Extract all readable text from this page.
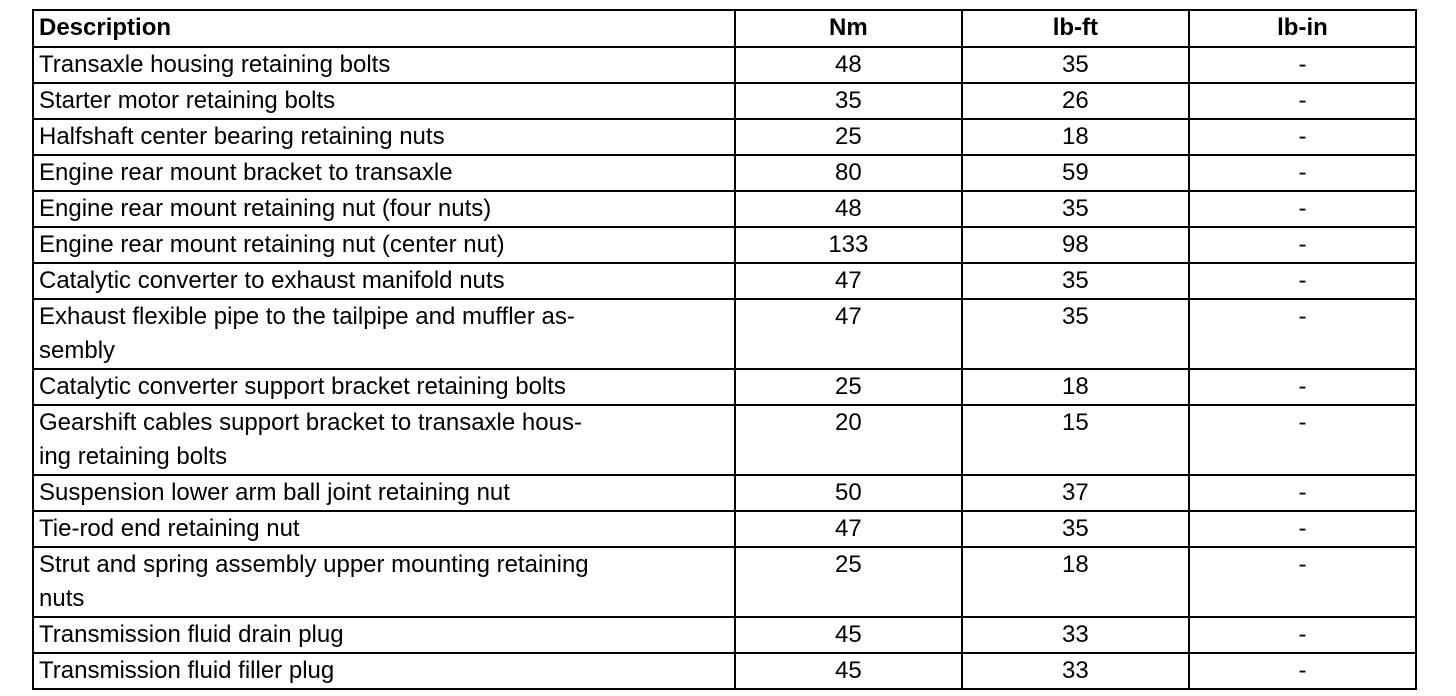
Description	Nm	lb-ft	lb-in
Transaxle housing retaining bolts	48	35	-
Starter motor retaining bolts	35	26	-
Halfshaft center bearing retaining nuts	25	18	-
Engine rear mount bracket to transaxle	80	59	-
Engine rear mount retaining nut (four nuts)	48	35	-
Engine rear mount retaining nut (center nut)	133	98	-
Catalytic converter to exhaust manifold nuts	47	35	-
Exhaust flexible pipe to the tailpipe and muffler as-
sembly	47	35	-
Catalytic converter support bracket retaining bolts	25	18	-
Gearshift cables support bracket to transaxle hous-
ing retaining bolts	20	15	-
Suspension lower arm ball joint retaining nut	50	37	-
Tie-rod end retaining nut	47	35	-
Strut and spring assembly upper mounting retaining
nuts	25	18	-
Transmission fluid drain plug	45	33	-
Transmission fluid filler plug	45	33	-
